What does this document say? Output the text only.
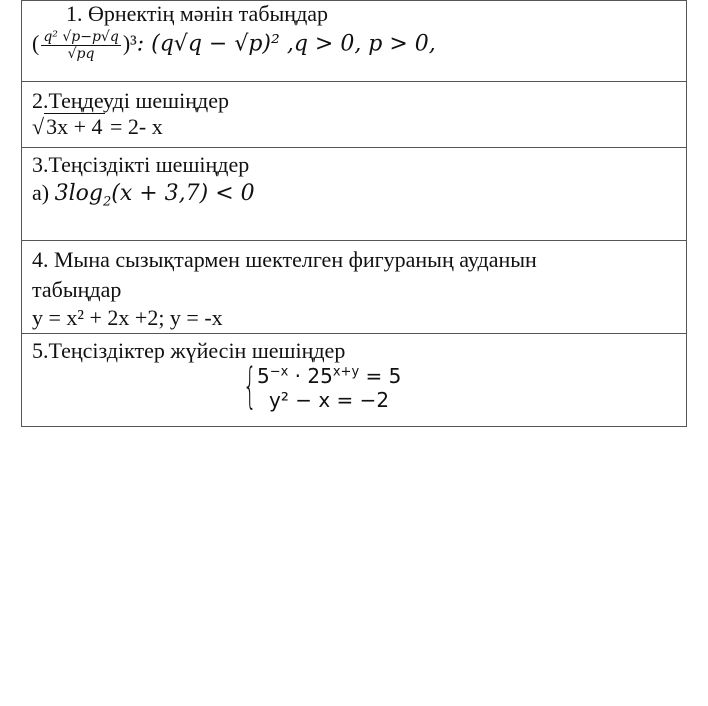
1. Өрнектің мәнін табыңдар
( $\frac{\text{q² √p−p√q}}{√pq} )^3$: (q√q − √p)² ,q > 0, p > 0,

2.Теңдеуді шешіңдер
√3x + 4 = 2- x

3.Теңсіздікті шешіңдер
а) $3\log_2(x + 3,7) < 0$

4. Мына сызықтармен шектелген фигураның ауданын
табыңдар
y = x² + 2x +2; y = -x

5.Теңсіздіктер жүйесін шешіңдер
{ $5^{-x} \cdot 25^{x+y} = 5$
y² − x = −2
